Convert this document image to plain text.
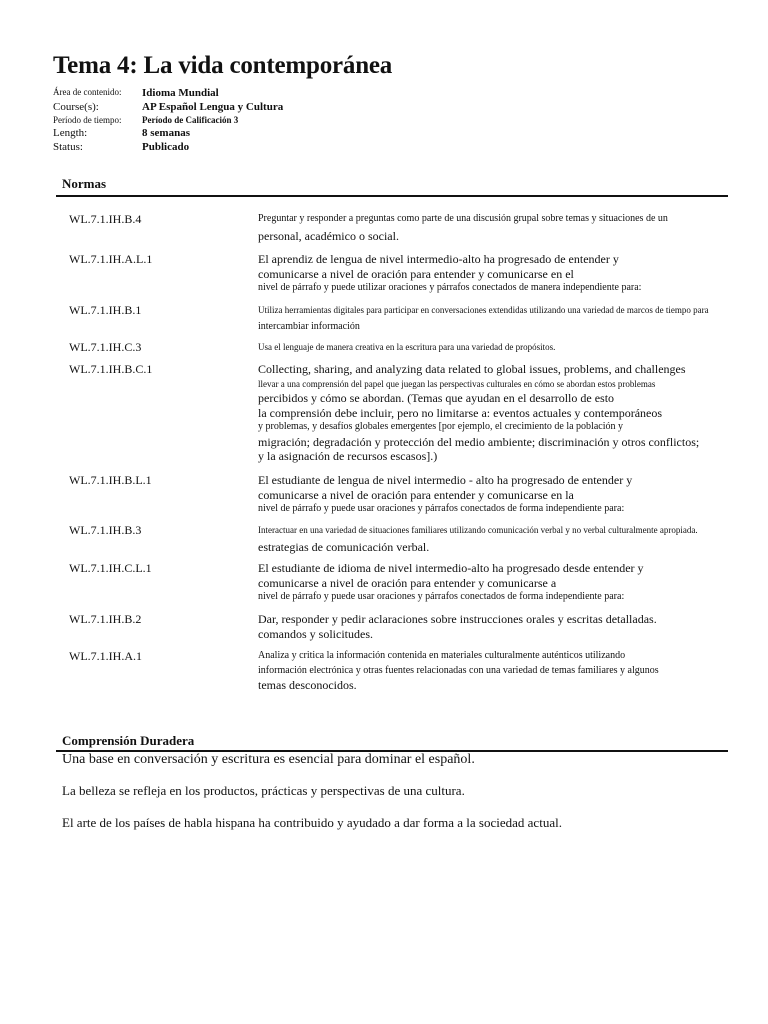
Tema 4: La vida contemporánea
Área de contenido: Idioma Mundial
Course(s):	AP Español Lengua y Cultura
Período de tiempo: Período de Calificación 3
Length:	8 semanas
Status:	Publicado
Normas
WL.7.1.IH.B.4	Preguntar y responder a preguntas como parte de una discusión grupal sobre temas y situaciones de un
personal, académico o social.
WL.7.1.IH.A.L.1	El aprendiz de lengua de nivel intermedio-alto ha progresado de entender y
comunicarse a nivel de oración para entender y comunicarse en el
nivel de párrafo y puede utilizar oraciones y párrafos conectados de manera independiente para:
WL.7.1.IH.B.1	Utiliza herramientas digitales para participar en conversaciones extendidas utilizando una variedad de marcos de tiempo para
intercambiar información
WL.7.1.IH.C.3	Usa el lenguaje de manera creativa en la escritura para una variedad de propósitos.
WL.7.1.IH.B.C.1	Collecting, sharing, and analyzing data related to global issues, problems, and challenges
llevar a una comprensión del papel que juegan las perspectivas culturales en cómo se abordan estos problemas
percibidos y cómo se abordan. (Temas que ayudan en el desarrollo de esto
la comprensión debe incluir, pero no limitarse a: eventos actuales y contemporáneos
y problemas, y desafíos globales emergentes [por ejemplo, el crecimiento de la población y
migración; degradación y protección del medio ambiente; discriminación y otros conflictos;
y la asignación de recursos escasos].)
WL.7.1.IH.B.L.1	El estudiante de lengua de nivel intermedio - alto ha progresado de entender y
comunicarse a nivel de oración para entender y comunicarse en la
nivel de párrafo y puede usar oraciones y párrafos conectados de forma independiente para:
WL.7.1.IH.B.3	Interactuar en una variedad de situaciones familiares utilizando comunicación verbal y no verbal culturalmente apropiada.
estrategias de comunicación verbal.
WL.7.1.IH.C.L.1	El estudiante de idioma de nivel intermedio-alto ha progresado desde entender y
comunicarse a nivel de oración para entender y comunicarse a
nivel de párrafo y puede usar oraciones y párrafos conectados de forma independiente para:
WL.7.1.IH.B.2	Dar, responder y pedir aclaraciones sobre instrucciones orales y escritas detalladas.
comandos y solicitudes.
WL.7.1.IH.A.1	Analiza y critica la información contenida en materiales culturalmente auténticos utilizando
información electrónica y otras fuentes relacionadas con una variedad de temas familiares y algunos
temas desconocidos.
Comprensión Duradera
Una base en conversación y escritura es esencial para dominar el español.
La belleza se refleja en los productos, prácticas y perspectivas de una cultura.
El arte de los países de habla hispana ha contribuido y ayudado a dar forma a la sociedad actual.
